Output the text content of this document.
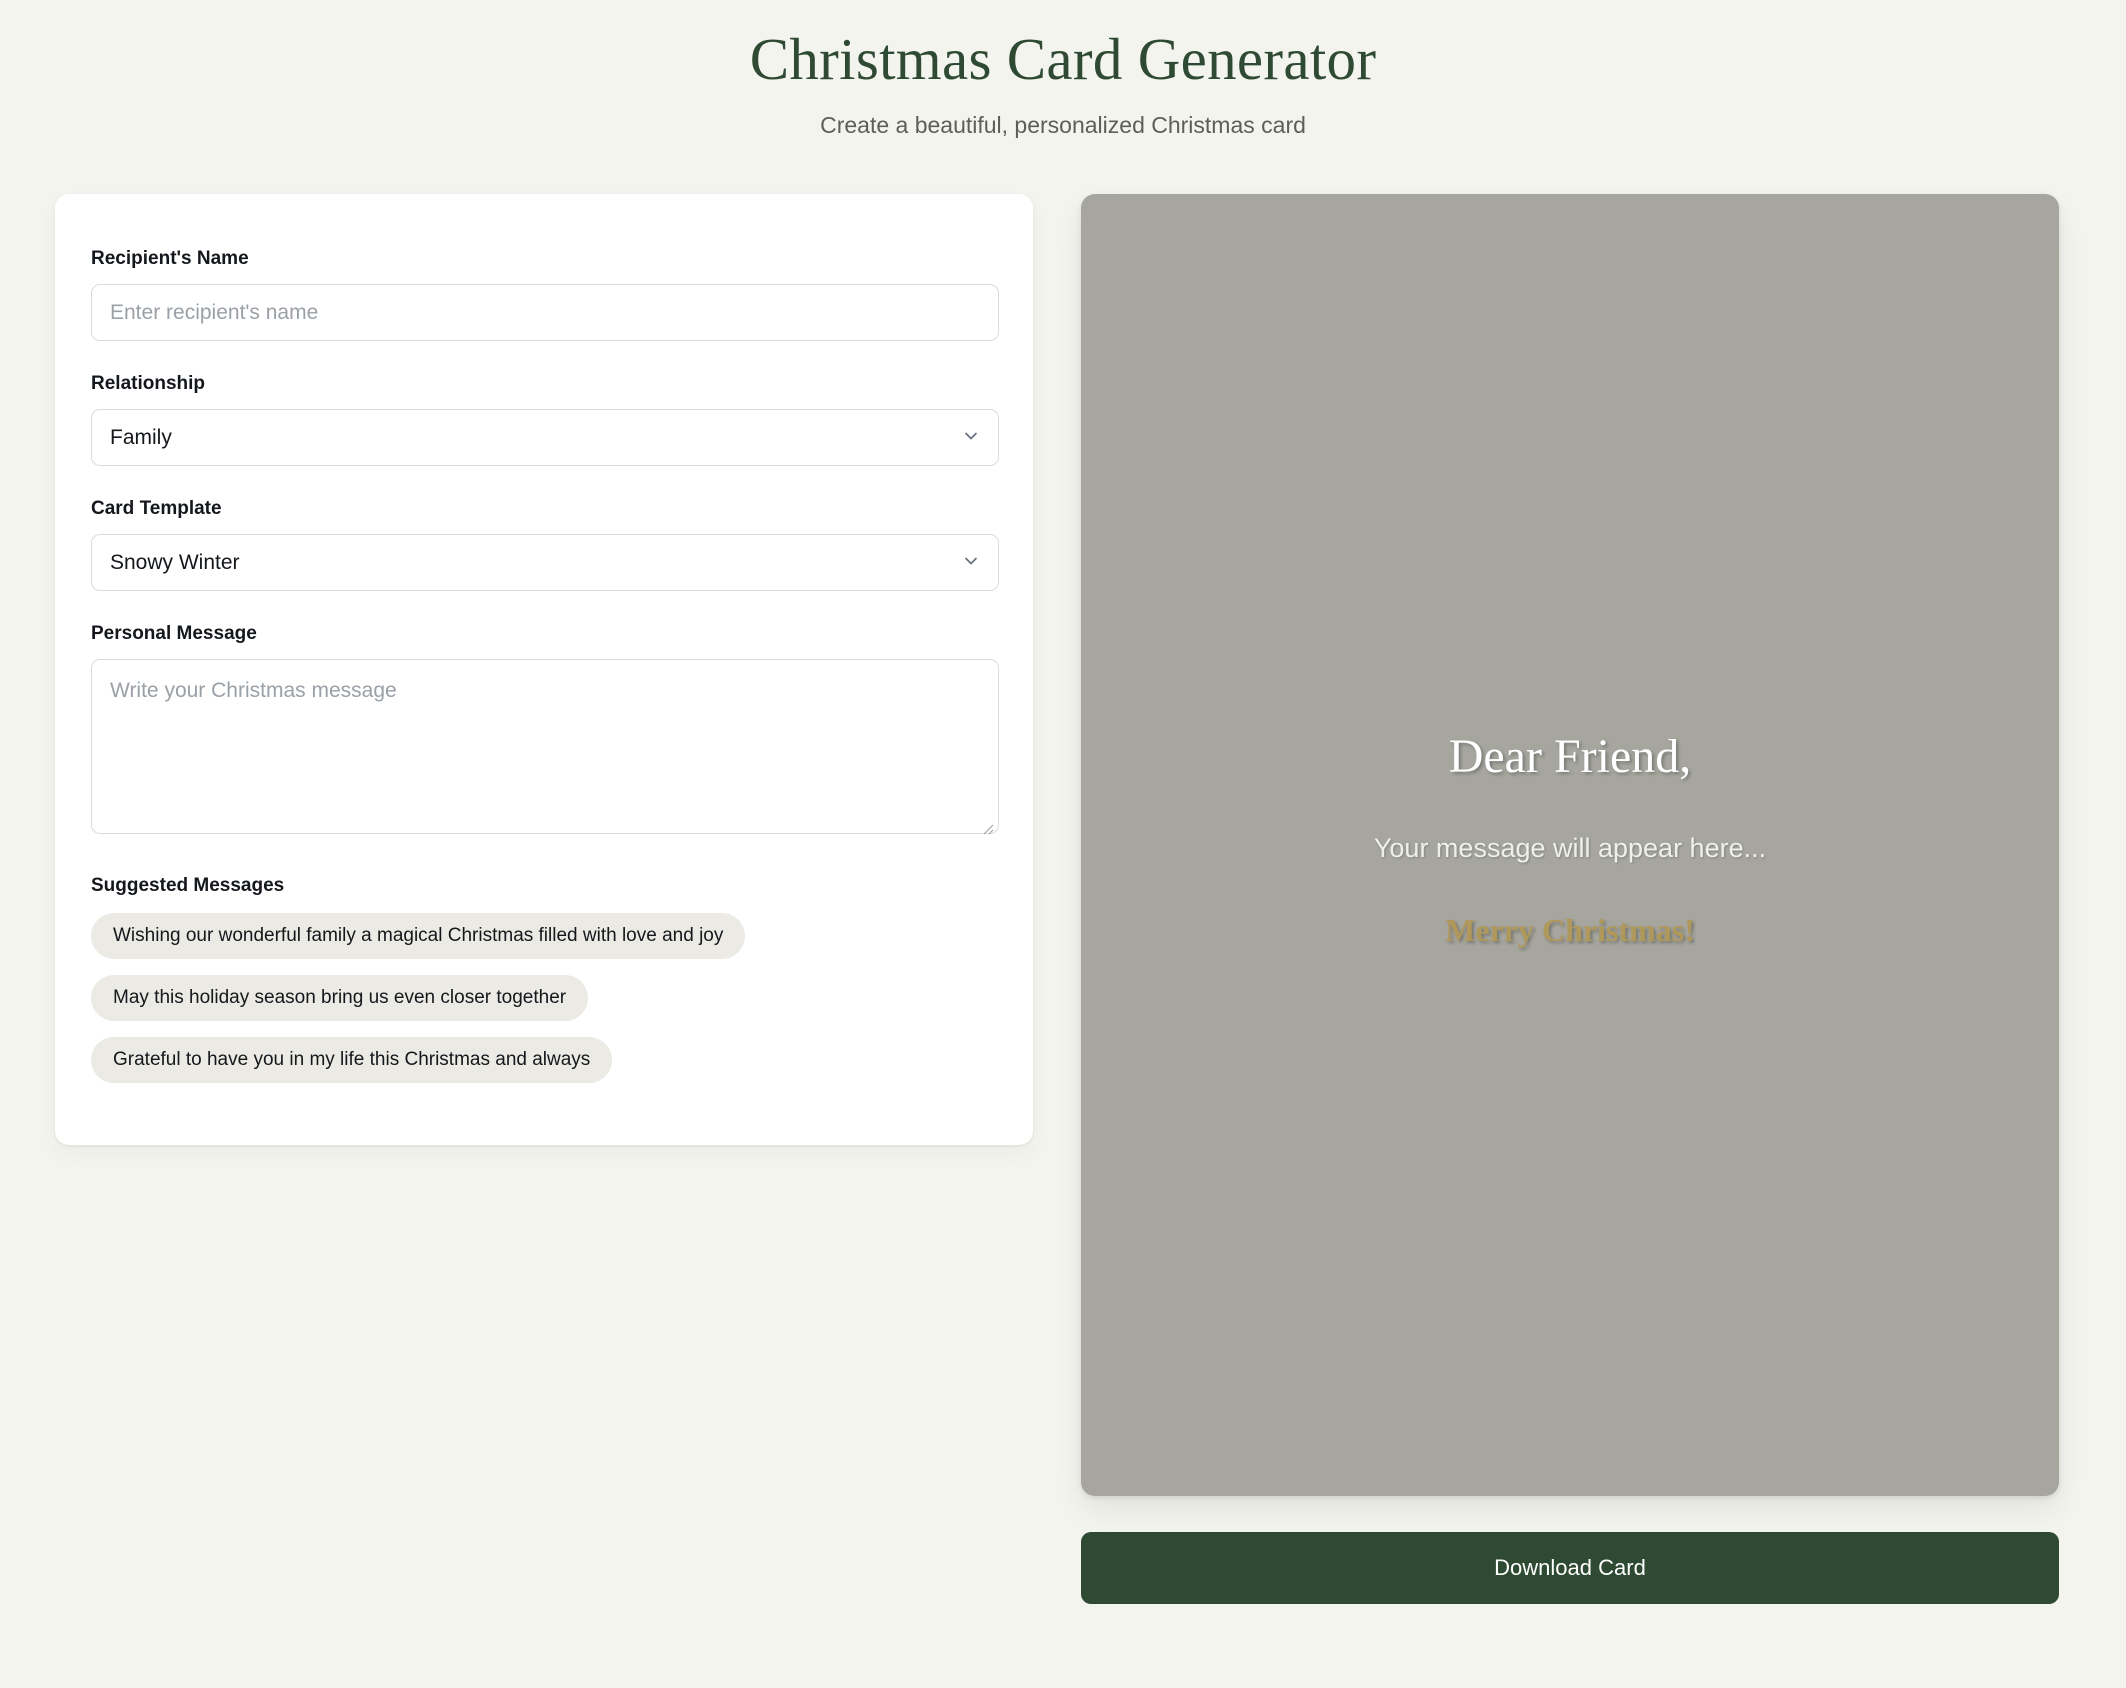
Christmas Card Generator
Create a beautiful, personalized Christmas card
Recipient's Name
Enter recipient's name
Relationship
Family
Card Template
Snowy Winter
Personal Message
Write your Christmas message
Suggested Messages
Wishing our wonderful family a magical Christmas filled with love and joy
May this holiday season bring us even closer together
Grateful to have you in my life this Christmas and always
Dear Friend,
Your message will appear here...
Merry Christmas!
Download Card
